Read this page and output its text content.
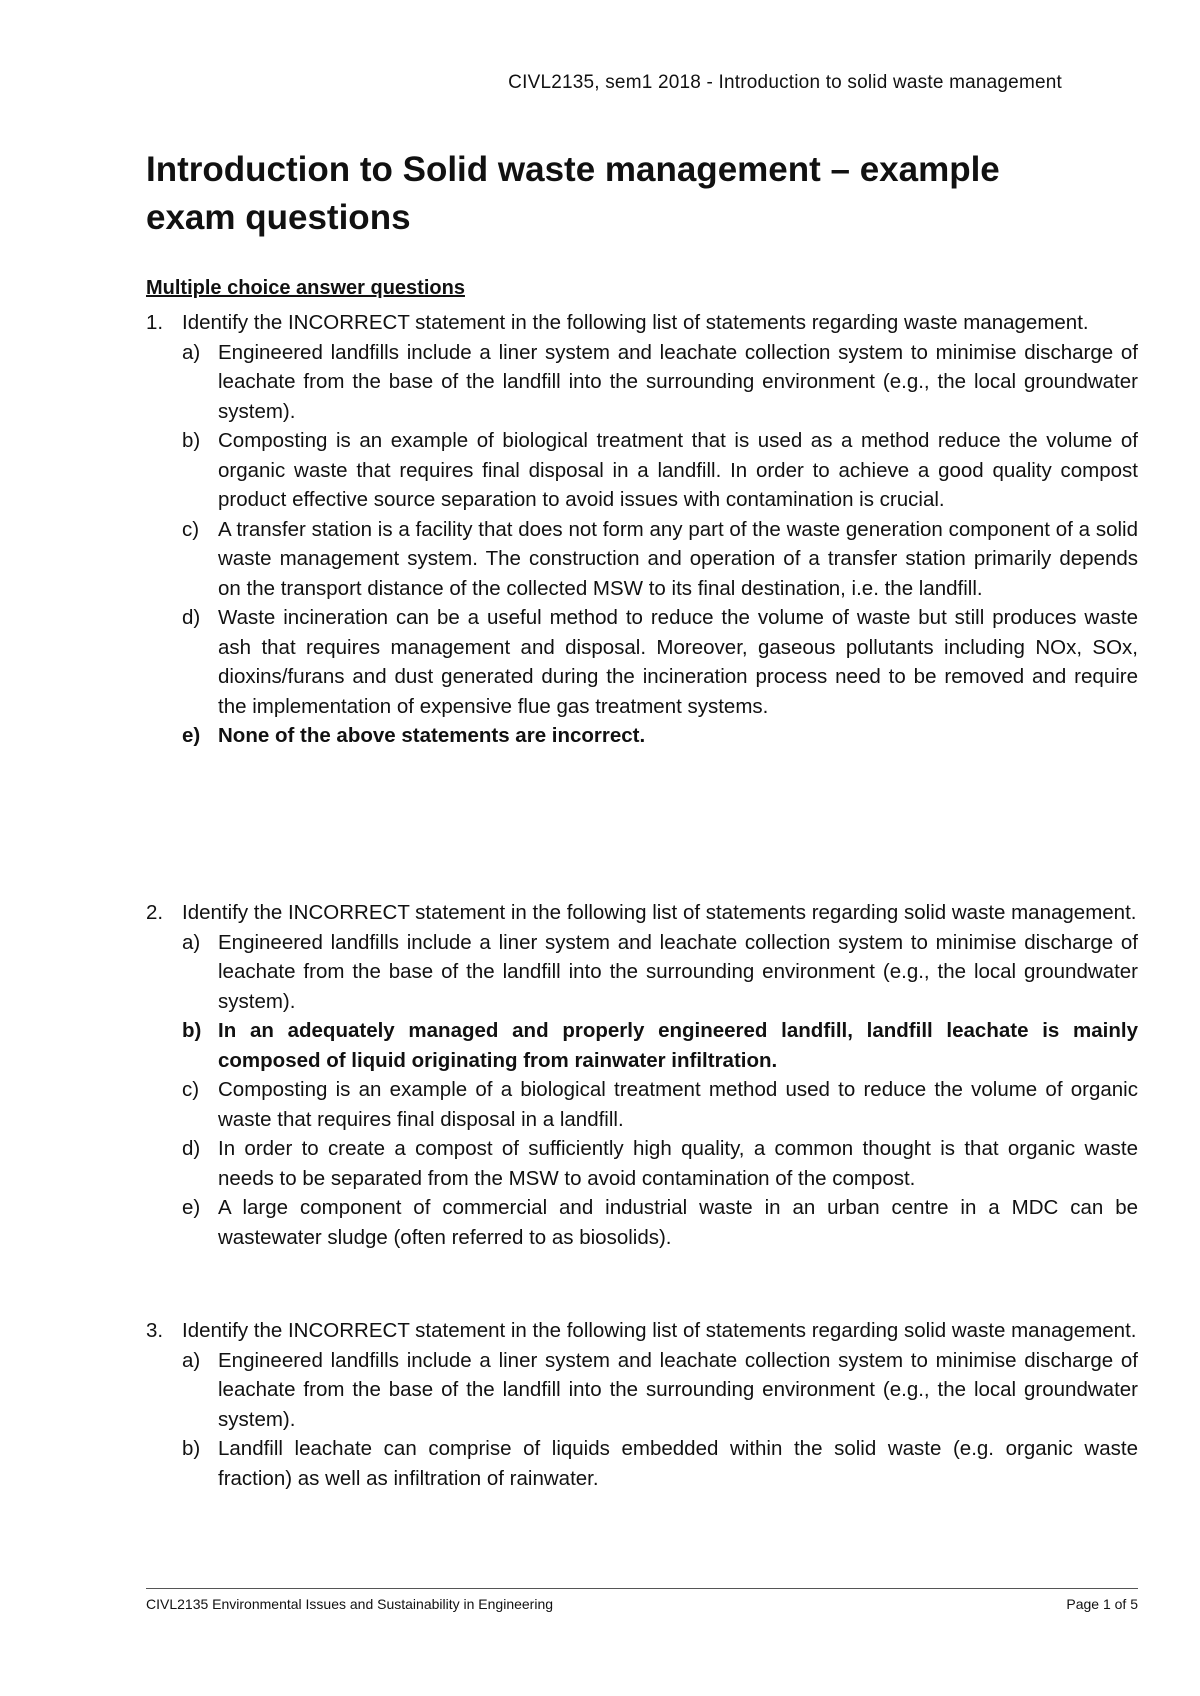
CIVL2135, sem1 2018 - Introduction to solid waste management
Introduction to Solid waste management – example exam questions
Multiple choice answer questions
1. Identify the INCORRECT statement in the following list of statements regarding waste management.
a) Engineered landfills include a liner system and leachate collection system to minimise discharge of leachate from the base of the landfill into the surrounding environment (e.g., the local groundwater system).
b) Composting is an example of biological treatment that is used as a method reduce the volume of organic waste that requires final disposal in a landfill. In order to achieve a good quality compost product effective source separation to avoid issues with contamination is crucial.
c) A transfer station is a facility that does not form any part of the waste generation component of a solid waste management system. The construction and operation of a transfer station primarily depends on the transport distance of the collected MSW to its final destination, i.e. the landfill.
d) Waste incineration can be a useful method to reduce the volume of waste but still produces waste ash that requires management and disposal. Moreover, gaseous pollutants including NOx, SOx, dioxins/furans and dust generated during the incineration process need to be removed and require the implementation of expensive flue gas treatment systems.
e) None of the above statements are incorrect.
2. Identify the INCORRECT statement in the following list of statements regarding solid waste management.
a) Engineered landfills include a liner system and leachate collection system to minimise discharge of leachate from the base of the landfill into the surrounding environment (e.g., the local groundwater system).
b) In an adequately managed and properly engineered landfill, landfill leachate is mainly composed of liquid originating from rainwater infiltration.
c) Composting is an example of a biological treatment method used to reduce the volume of organic waste that requires final disposal in a landfill.
d) In order to create a compost of sufficiently high quality, a common thought is that organic waste needs to be separated from the MSW to avoid contamination of the compost.
e) A large component of commercial and industrial waste in an urban centre in a MDC can be wastewater sludge (often referred to as biosolids).
3. Identify the INCORRECT statement in the following list of statements regarding solid waste management.
a) Engineered landfills include a liner system and leachate collection system to minimise discharge of leachate from the base of the landfill into the surrounding environment (e.g., the local groundwater system).
b) Landfill leachate can comprise of liquids embedded within the solid waste (e.g. organic waste fraction) as well as infiltration of rainwater.
CIVL2135 Environmental Issues and Sustainability in Engineering	Page 1 of 5
